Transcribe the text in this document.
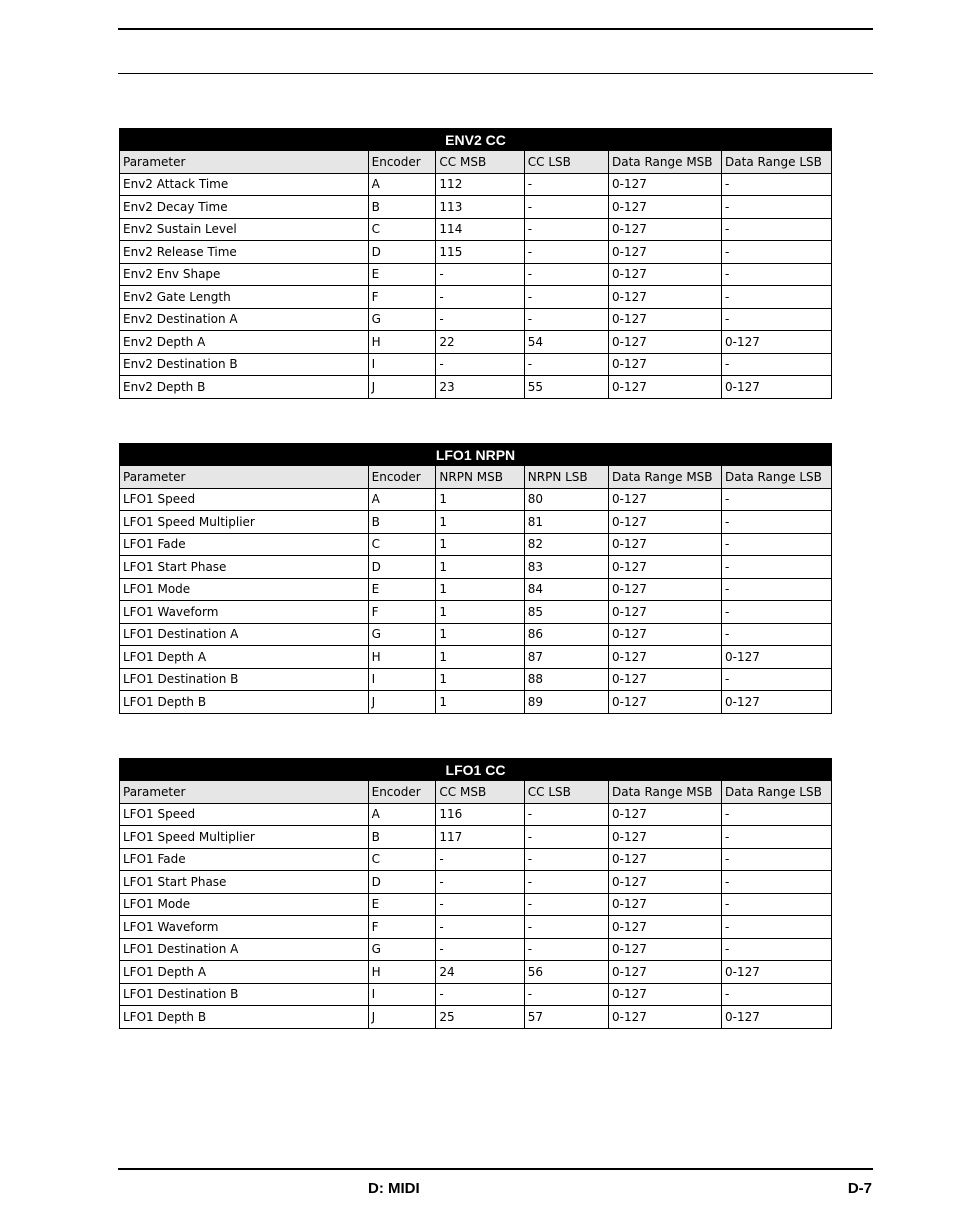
ENV2 CC					
Parameter	Encoder	CC MSB	CC LSB	Data Range MSB	Data Range LSB
Env2 Attack Time	A	112	-	0-127	-
Env2 Decay Time	B	113	-	0-127	-
Env2 Sustain Level	C	114	-	0-127	-
Env2 Release Time	D	115	-	0-127	-
Env2 Env Shape	E	-	-	0-127	-
Env2 Gate Length	F	-	-	0-127	-
Env2 Destination A	G	-	-	0-127	-
Env2 Depth A	H	22	54	0-127	0-127
Env2 Destination B	I	-	-	0-127	-
Env2 Depth B	J	23	55	0-127	0-127
LFO1 NRPN					
Parameter	Encoder	NRPN MSB	NRPN LSB	Data Range MSB	Data Range LSB
LFO1 Speed	A	1	80	0-127	-
LFO1 Speed Multiplier	B	1	81	0-127	-
LFO1 Fade	C	1	82	0-127	-
LFO1 Start Phase	D	1	83	0-127	-
LFO1 Mode	E	1	84	0-127	-
LFO1 Waveform	F	1	85	0-127	-
LFO1 Destination A	G	1	86	0-127	-
LFO1 Depth A	H	1	87	0-127	0-127
LFO1 Destination B	I	1	88	0-127	-
LFO1 Depth B	J	1	89	0-127	0-127
LFO1 CC					
Parameter	Encoder	CC MSB	CC LSB	Data Range MSB	Data Range LSB
LFO1 Speed	A	116	-	0-127	-
LFO1 Speed Multiplier	B	117	-	0-127	-
LFO1 Fade	C	-	-	0-127	-
LFO1 Start Phase	D	-	-	0-127	-
LFO1 Mode	E	-	-	0-127	-
LFO1 Waveform	F	-	-	0-127	-
LFO1 Destination A	G	-	-	0-127	-
LFO1 Depth A	H	24	56	0-127	0-127
LFO1 Destination B	I	-	-	0-127	-
LFO1 Depth B	J	25	57	0-127	0-127
D: MIDI	D-7
